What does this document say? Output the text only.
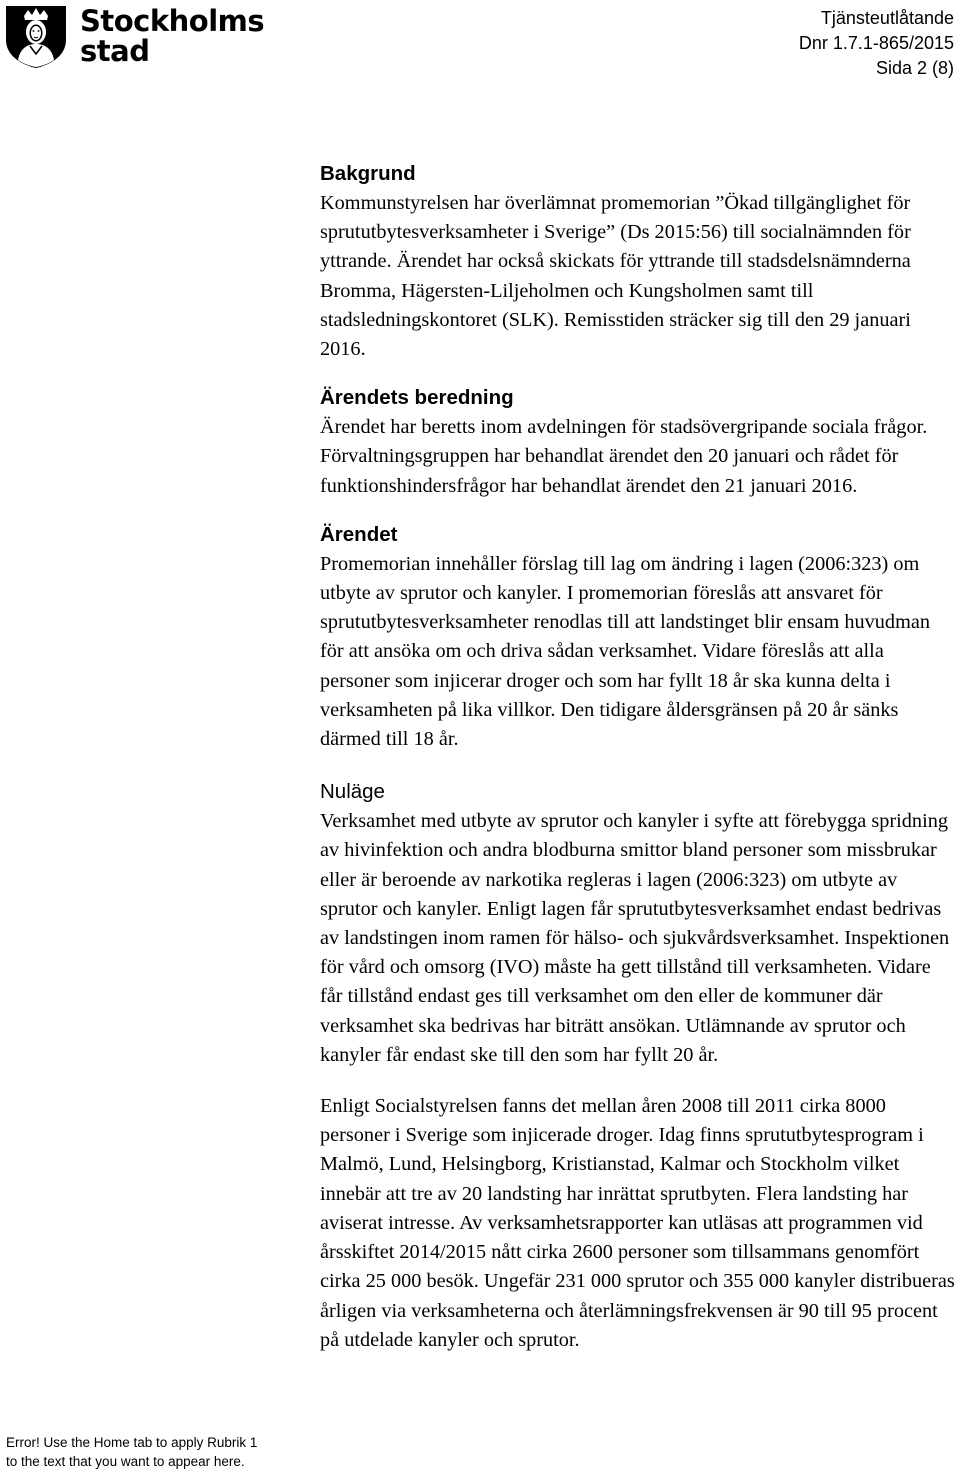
Stockholms
stad
Tjänsteutlåtande
Dnr 1.7.1-865/2015
Sida 2 (8)
Bakgrund

Kommunstyrelsen har överlämnat promemorian ”Ökad tillgänglighet för sprututbytesverksamheter i Sverige” (Ds 2015:56) till socialnämnden för yttrande. Ärendet har också skickats för yttrande till stadsdelsnämnderna Bromma, Hägersten-Liljeholmen och Kungsholmen samt till stadsledningskontoret (SLK). Remisstiden sträcker sig till den 29 januari 2016.

Ärendets beredning

Ärendet har beretts inom avdelningen för stadsövergripande sociala frågor. Förvaltningsgruppen har behandlat ärendet den 20 januari och rådet för funktionshindersfrågor har behandlat ärendet den 21 januari 2016.

Ärendet

Promemorian innehåller förslag till lag om ändring i lagen (2006:323) om utbyte av sprutor och kanyler. I promemorian föreslås att ansvaret för sprututbytesverksamheter renodlas till att landstinget blir ensam huvudman för att ansöka om och driva sådan verksamhet. Vidare föreslås att alla personer som injicerar droger och som har fyllt 18 år ska kunna delta i verksamheten på lika villkor. Den tidigare åldersgränsen på 20 år sänks därmed till 18 år.

Nuläge

Verksamhet med utbyte av sprutor och kanyler i syfte att förebygga spridning av hivinfektion och andra blodburna smittor bland personer som missbrukar eller är beroende av narkotika regleras i lagen (2006:323) om utbyte av sprutor och kanyler. Enligt lagen får sprututbytesverksamhet endast bedrivas av landstingen inom ramen för hälso- och sjukvårdsverksamhet. Inspektionen för vård och omsorg (IVO) måste ha gett tillstånd till verksamheten. Vidare får tillstånd endast ges till verksamhet om den eller de kommuner där verksamhet ska bedrivas har biträtt ansökan. Utlämnande av sprutor och kanyler får endast ske till den som har fyllt 20 år.

Enligt Socialstyrelsen fanns det mellan åren 2008 till 2011 cirka 8000 personer i Sverige som injicerade droger. Idag finns sprututbytesprogram i Malmö, Lund, Helsingborg, Kristianstad, Kalmar och Stockholm vilket innebär att tre av 20 landsting har inrättat sprutbyten. Flera landsting har aviserat intresse. Av verksamhetsrapporter kan utläsas att programmen vid årsskiftet 2014/2015 nått cirka 2600 personer som tillsammans genomfört cirka 25 000 besök. Ungefär 231 000 sprutor och 355 000 kanyler distribueras årligen via verksamheterna och återlämningsfrekvensen är 90 till 95 procent på utdelade kanyler och sprutor.

Error! Use the Home tab to apply Rubrik 1
to the text that you want to appear here.
